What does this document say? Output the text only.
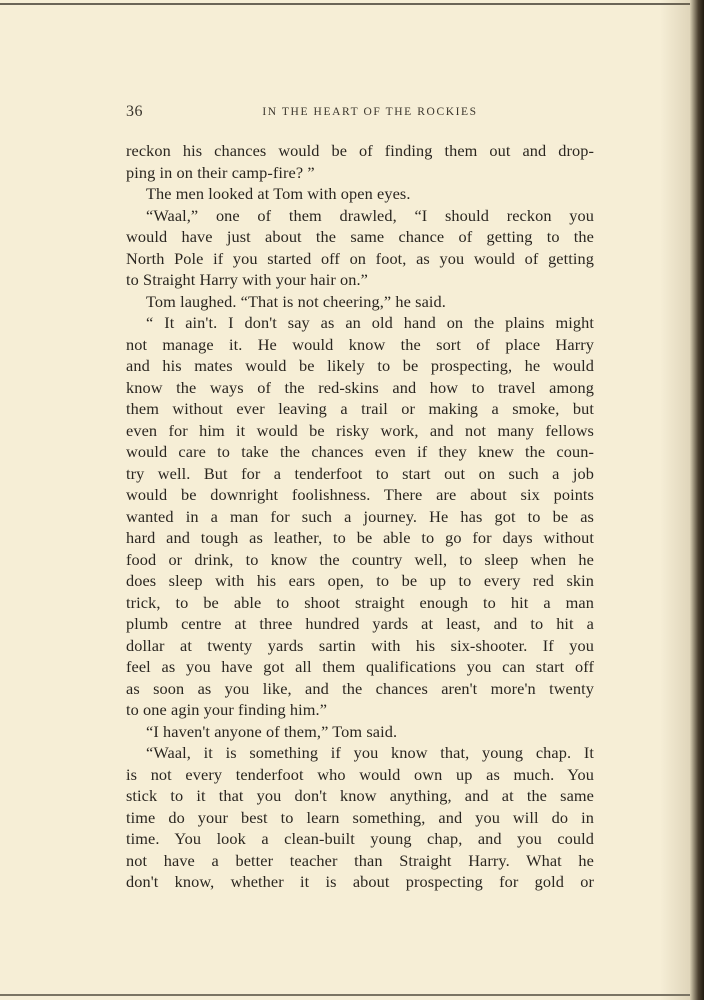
36	IN THE HEART OF THE ROCKIES
reckon his chances would be of finding them out and drop-
ping in on their camp-fire? ”
The men looked at Tom with open eyes.
“Waal,” one of them drawled, “I should reckon you
would have just about the same chance of getting to the
North Pole if you started off on foot, as you would of getting
to Straight Harry with your hair on.”
Tom laughed. “That is not cheering,” he said.
“ It ain't. I don't say as an old hand on the plains might
not manage it. He would know the sort of place Harry
and his mates would be likely to be prospecting, he would
know the ways of the red-skins and how to travel among
them without ever leaving a trail or making a smoke, but
even for him it would be risky work, and not many fellows
would care to take the chances even if they knew the coun-
try well. But for a tenderfoot to start out on such a job
would be downright foolishness. There are about six points
wanted in a man for such a journey. He has got to be as
hard and tough as leather, to be able to go for days without
food or drink, to know the country well, to sleep when he
does sleep with his ears open, to be up to every red skin
trick, to be able to shoot straight enough to hit a man
plumb centre at three hundred yards at least, and to hit a
dollar at twenty yards sartin with his six-shooter. If you
feel as you have got all them qualifications you can start off
as soon as you like, and the chances aren't more'n twenty
to one agin your finding him.”
“I haven't anyone of them,” Tom said.
“Waal, it is something if you know that, young chap. It
is not every tenderfoot who would own up as much. You
stick to it that you don't know anything, and at the same
time do your best to learn something, and you will do in
time. You look a clean-built young chap, and you could
not have a better teacher than Straight Harry. What he
don't know, whether it is about prospecting for gold or
